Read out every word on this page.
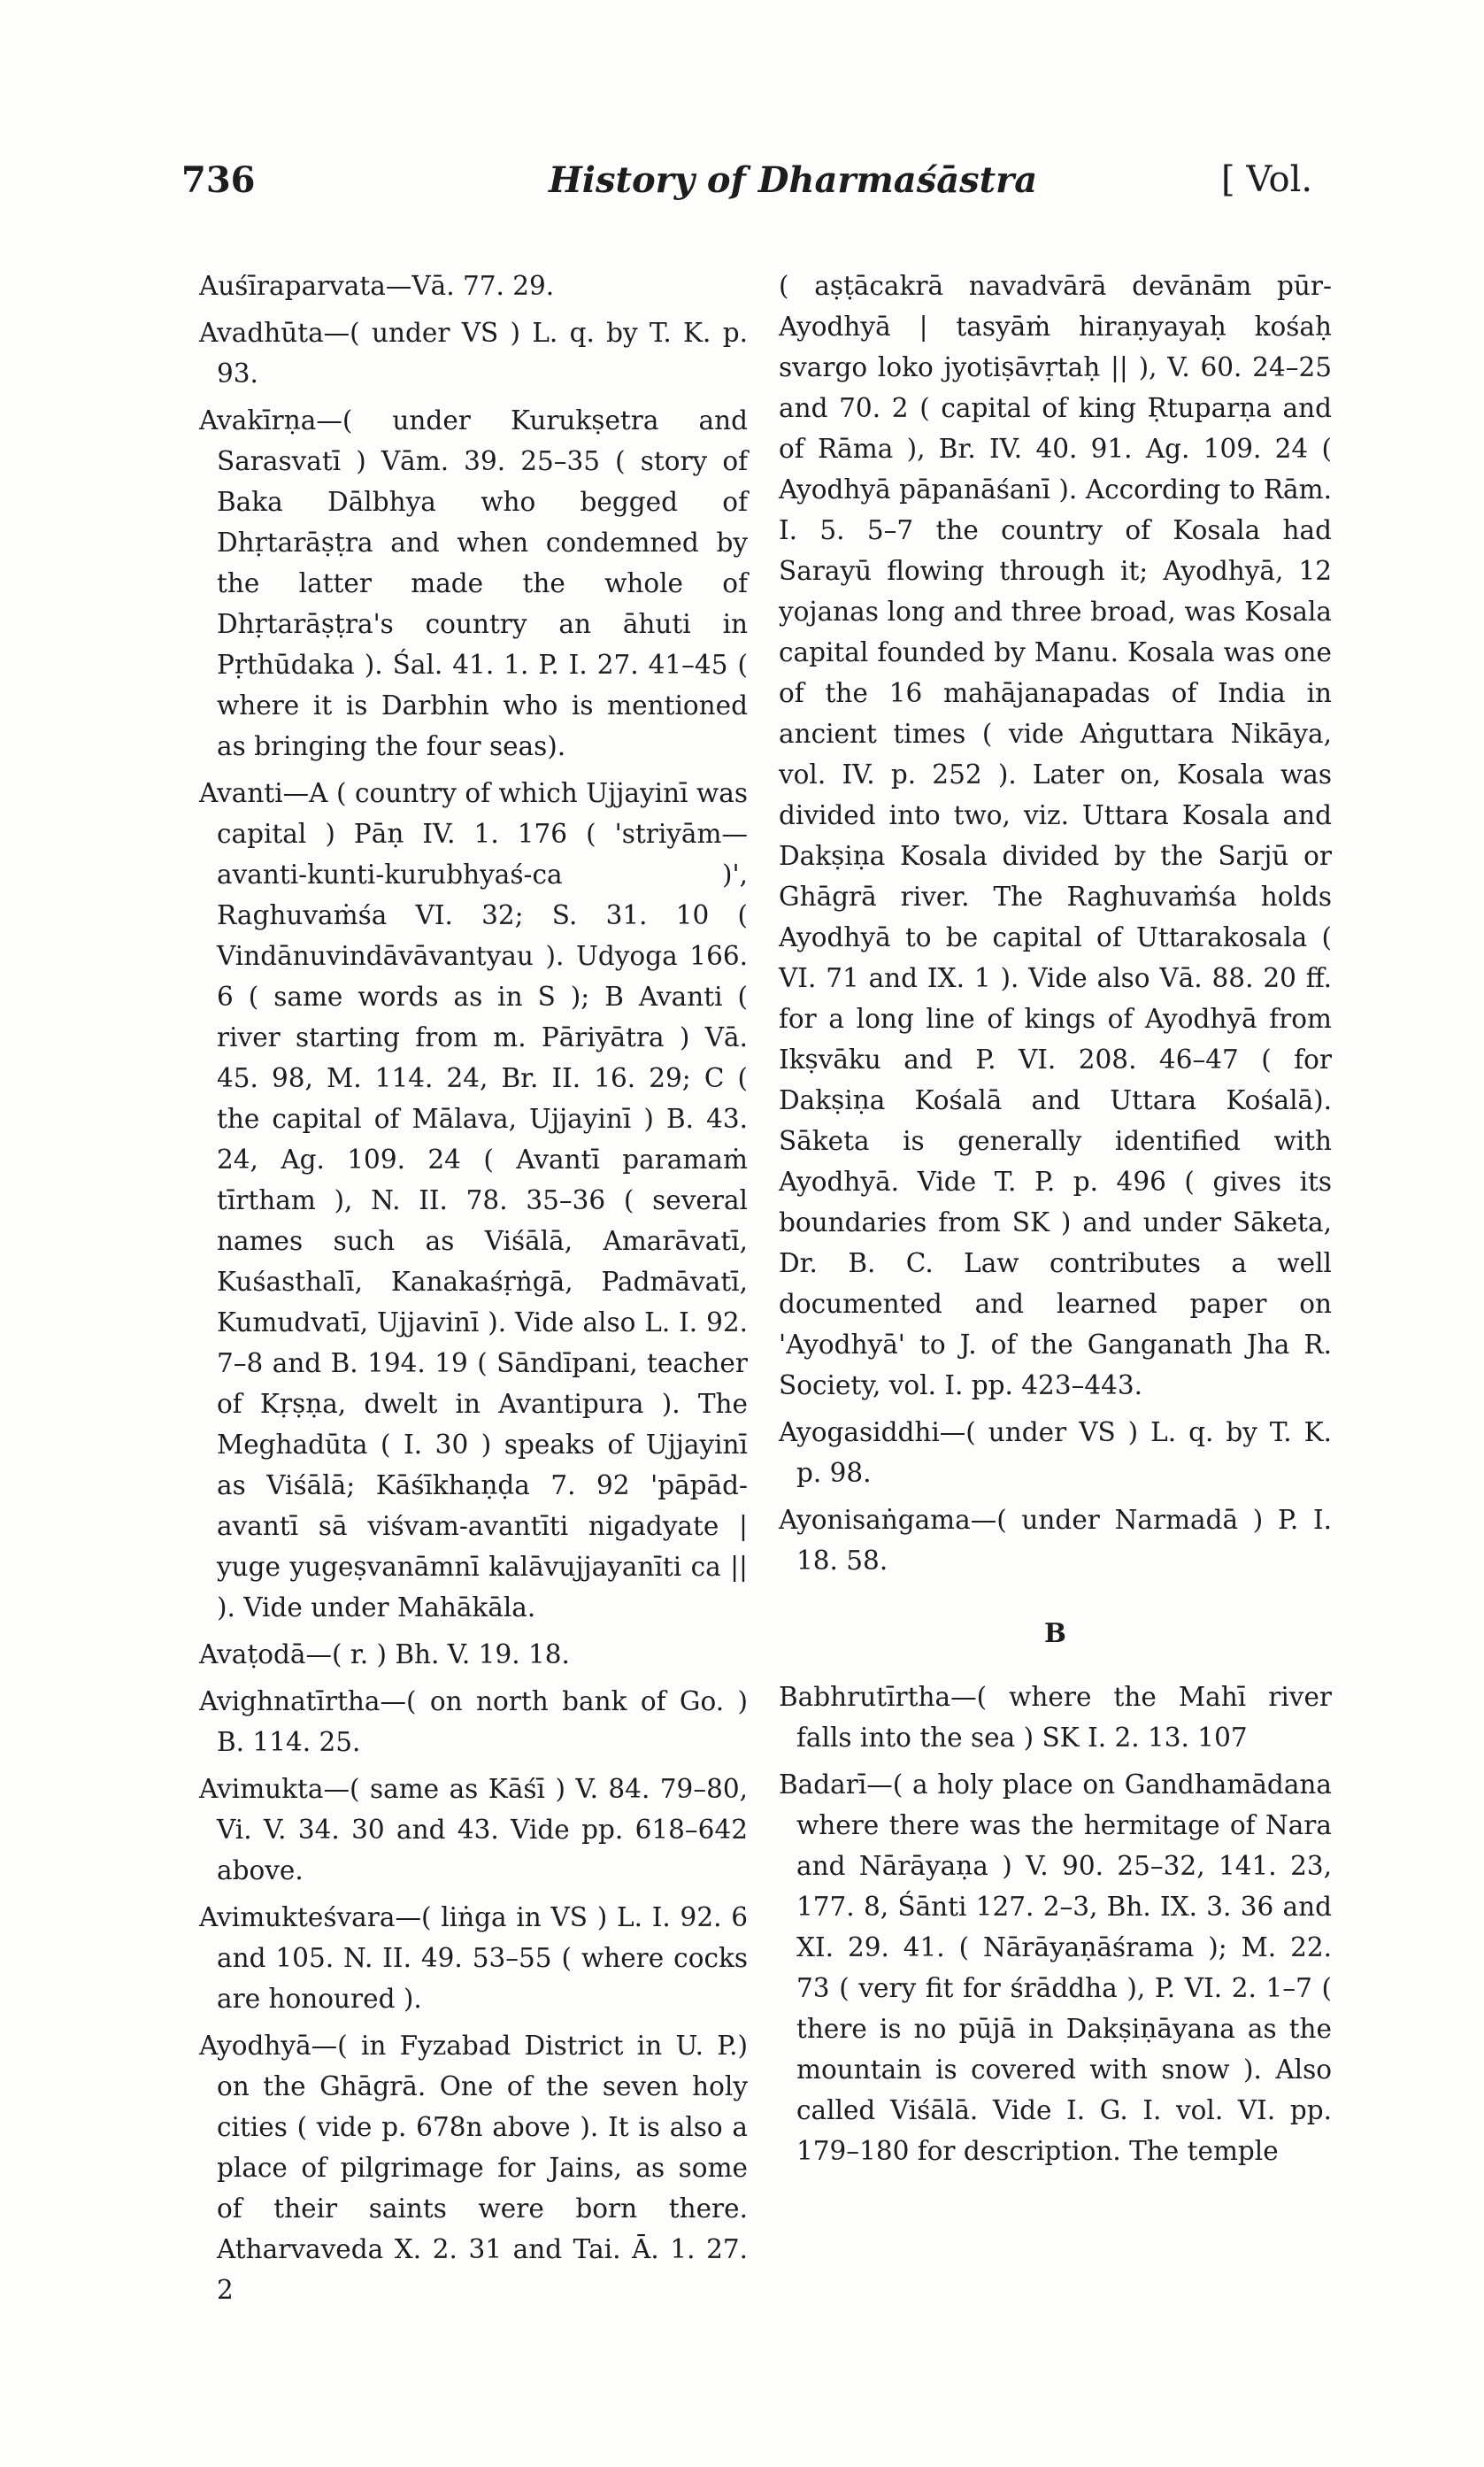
736	History of Dharmaśāstra	[ Vol.

Auśīraparvata—Vā. 77. 29.

Avadhūta—( under VS ) L. q. by T. K. p. 93.

Avakīrṇa—( under Kurukṣetra and Sarasvatī ) Vām. 39. 25–35 ( story of Baka Dālbhya who begged of Dhṛtarāṣṭra and when condemned by the latter made the whole of Dhṛtarāṣṭra's country an āhuti in Pṛthūdaka ). Śal. 41. 1. P. I. 27. 41–45 ( where it is Darbhin who is mentioned as bringing the four seas).

Avanti—A ( country of which Ujjayinī was capital ) Pāṇ IV. 1. 176 ( 'striyām—avanti-kunti-kurubhyaś-ca )', Raghuvaṁśa VI. 32; S. 31. 10 ( Vindānuvindāvāvantyau ). Udyoga 166. 6 ( same words as in S ); B Avanti ( river starting from m. Pāriyātra ) Vā. 45. 98, M. 114. 24, Br. II. 16. 29; C ( the capital of Mālava, Ujjayinī ) B. 43. 24, Ag. 109. 24 ( Avantī paramaṁ tīrtham ), N. II. 78. 35–36 ( several names such as Viśālā, Amarāvatī, Kuśasthalī, Kanakaśṛṅgā, Padmāvatī, Kumudvatī, Ujjavinī ). Vide also L. I. 92. 7–8 and B. 194. 19 ( Sāndīpani, teacher of Kṛṣṇa, dwelt in Avantipura ). The Meghadūta ( I. 30 ) speaks of Ujjayinī as Viśālā; Kāśīkhaṇḍa 7. 92 'pāpād-avantī sā viśvam-avantīti nigadyate | yuge yugeṣvanāmnī kalāvujjayanīti ca || ). Vide under Mahākāla.

Avaṭodā—( r. ) Bh. V. 19. 18.

Avighnatīrtha—( on north bank of Go. ) B. 114. 25.

Avimukta—( same as Kāśī ) V. 84. 79–80, Vi. V. 34. 30 and 43. Vide pp. 618–642 above.

Avimukteśvara—( liṅga in VS ) L. I. 92. 6 and 105. N. II. 49. 53–55 ( where cocks are honoured ).

Ayodhyā—( in Fyzabad District in U. P.) on the Ghāgrā. One of the seven holy cities ( vide p. 678n above ). It is also a place of pilgrimage for Jains, as some of their saints were born there. Atharvaveda X. 2. 31 and Tai. Ā. 1. 27. 2

( aṣṭācakrā navadvārā devānām pūr-Ayodhyā | tasyāṁ hiraṇyayaḥ kośaḥ svargo loko jyotiṣāvṛtaḥ || ), V. 60. 24–25 and 70. 2 ( capital of king Ṛtuparṇa and of Rāma ), Br. IV. 40. 91. Ag. 109. 24 ( Ayodhyā pāpanāśanī ). According to Rām. I. 5. 5–7 the country of Kosala had Sarayū flowing through it; Ayodhyā, 12 yojanas long and three broad, was Kosala capital founded by Manu. Kosala was one of the 16 mahājanapadas of India in ancient times ( vide Aṅguttara Nikāya, vol. IV. p. 252 ). Later on, Kosala was divided into two, viz. Uttara Kosala and Dakṣiṇa Kosala divided by the Sarjū or Ghāgrā river. The Raghuvaṁśa holds Ayodhyā to be capital of Uttarakosala ( VI. 71 and IX. 1 ). Vide also Vā. 88. 20 ff. for a long line of kings of Ayodhyā from Ikṣvāku and P. VI. 208. 46–47 ( for Dakṣiṇa Kośalā and Uttara Kośalā). Sāketa is generally identified with Ayodhyā. Vide T. P. p. 496 ( gives its boundaries from SK ) and under Sāketa, Dr. B. C. Law contributes a well documented and learned paper on 'Ayodhyā' to J. of the Ganganath Jha R. Society, vol. I. pp. 423–443.

Ayogasiddhi—( under VS ) L. q. by T. K. p. 98.

Ayonisaṅgama—( under Narmadā ) P. I. 18. 58.

B

Babhrutīrtha—( where the Mahī river falls into the sea ) SK I. 2. 13. 107

Badarī—( a holy place on Gandhamādana where there was the hermitage of Nara and Nārāyaṇa ) V. 90. 25–32, 141. 23, 177. 8, Śānti 127. 2–3, Bh. IX. 3. 36 and XI. 29. 41. ( Nārāyaṇāśrama ); M. 22. 73 ( very fit for śrāddha ), P. VI. 2. 1–7 ( there is no pūjā in Dakṣiṇāyana as the mountain is covered with snow ). Also called Viśālā. Vide I. G. I. vol. VI. pp. 179–180 for description. The temple
